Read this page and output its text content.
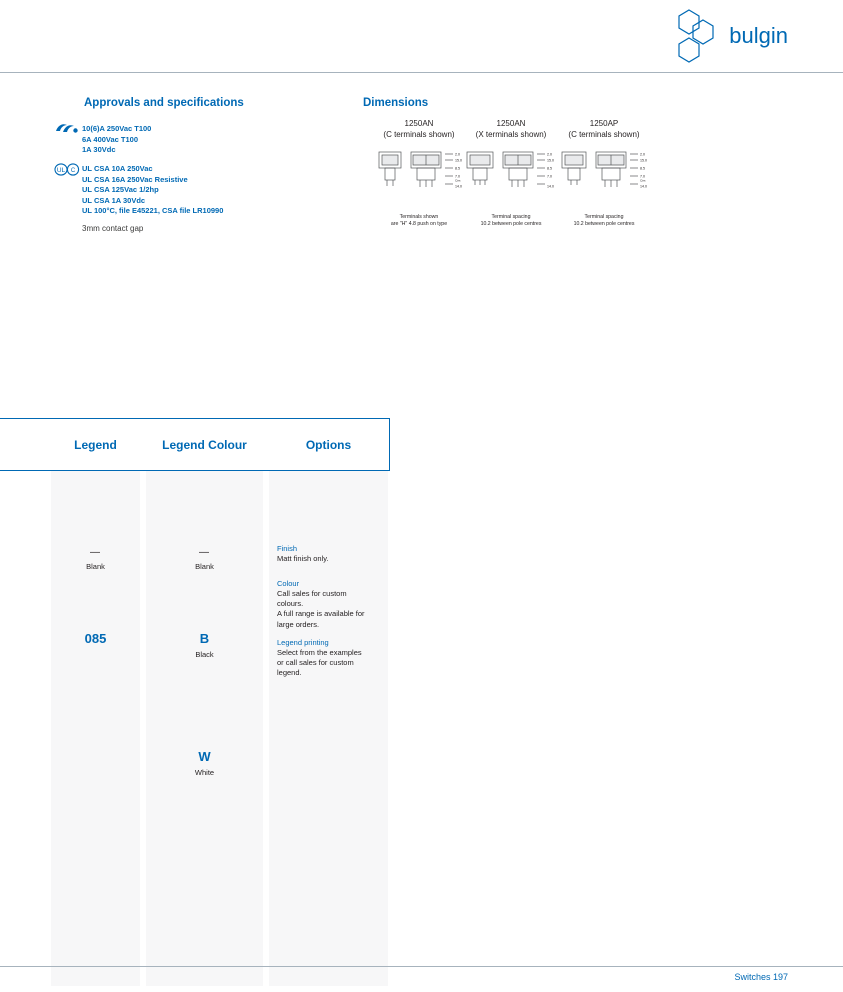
bulgin
Approvals and specifications
10(6)A 250Vac T100
6A 400Vac T100
1A 30Vdc
UL C UL CSA 10A 250Vac
UL CSA 16A 250Vac Resistive
UL CSA 125Vac 1/2hp
UL CSA 1A 30Vdc
UL 100°C, file E45221, CSA file LR10990
3mm contact gap
Dimensions
1250AN
(C terminals shown)
2.0
15.0
8.5
7.0
Ctrs
14.0
Terminals shown
are "H" 4.8 push on type
1250AN
(X terminals shown)
2.0
15.0
8.5
7.0
14.0
Terminal spacing
10.2 between pole centres
1250AP
(C terminals shown)
2.0
15.0
8.5
7.0
Ctrs
14.0
Terminal spacing
10.2 between pole centres
Legend	Legend Colour	Options
—
Blank
085
—
Blank
B
Black
W
White
Finish
Matt finish only.
Colour
Call sales for custom
colours.
A full range is available for
large orders.
Legend printing
Select from the examples
or call sales for custom
legend.
Switches 197
